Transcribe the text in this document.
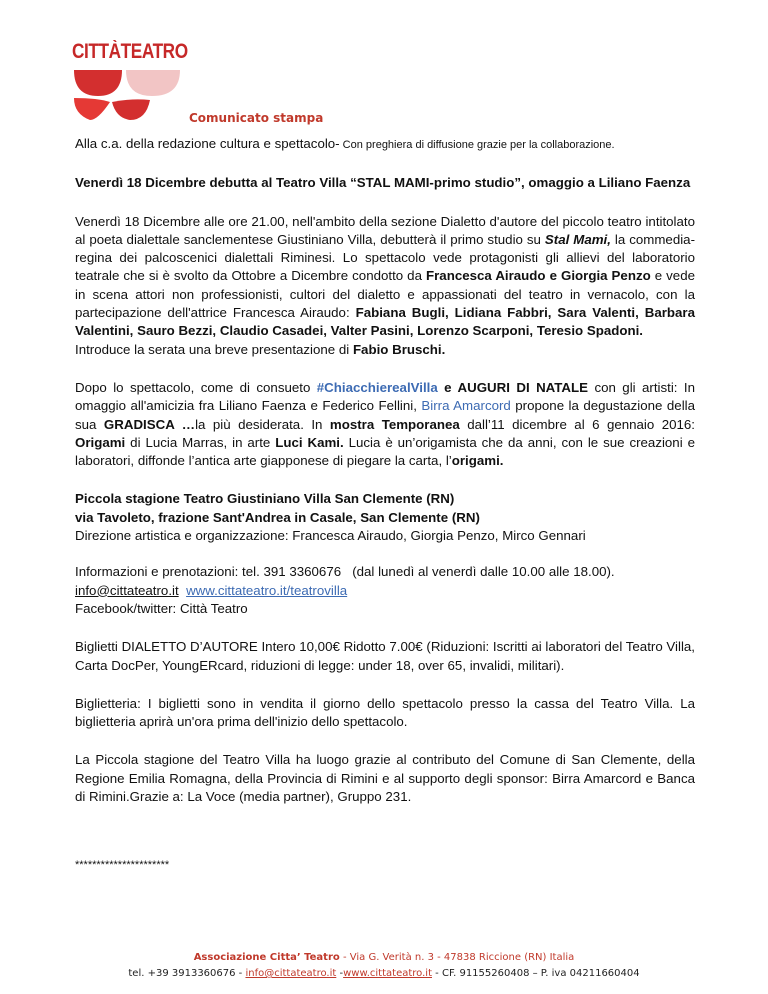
CITTÀTEATRO
Comunicato stampa

Alla c.a. della redazione cultura e spettacolo- Con preghiera di diffusione grazie per la collaborazione.

Venerdì 18 Dicembre debutta al Teatro Villa “STAL MAMI-primo studio”, omaggio a Liliano Faenza

Venerdì 18 Dicembre alle ore 21.00, nell'ambito della sezione Dialetto d'autore del piccolo teatro intitolato al poeta dialettale sanclementese Giustiniano Villa, debutterà il primo studio su Stal Mami, la commedia-regina dei palcoscenici dialettali Riminesi. Lo spettacolo vede protagonisti gli allievi del laboratorio teatrale che si è svolto da Ottobre a Dicembre condotto da Francesca Airaudo e Giorgia Penzo e vede in scena attori non professionisti, cultori del dialetto e appassionati del teatro in vernacolo, con la partecipazione dell'attrice Francesca Airaudo: Fabiana Bugli, Lidiana Fabbri, Sara Valenti, Barbara Valentini, Sauro Bezzi, Claudio Casadei, Valter Pasini, Lorenzo Scarponi, Teresio Spadoni.
Introduce la serata una breve presentazione di Fabio Bruschi.

Dopo lo spettacolo, come di consueto #ChiacchierealVilla e AUGURI DI NATALE con gli artisti: In omaggio all'amicizia fra Liliano Faenza e Federico Fellini, Birra Amarcord propone la degustazione della sua GRADISCA …la più desiderata. In mostra Temporanea dall’11 dicembre al 6 gennaio 2016: Origami di Lucia Marras, in arte Luci Kami. Lucia è un’origamista che da anni, con le sue creazioni e laboratori, diffonde l’antica arte giapponese di piegare la carta, l’origami.

Piccola stagione Teatro Giustiniano Villa San Clemente (RN)
via Tavoleto, frazione Sant'Andrea in Casale, San Clemente (RN)
Direzione artistica e organizzazione: Francesca Airaudo, Giorgia Penzo, Mirco Gennari

Informazioni e prenotazioni: tel. 391 3360676   (dal lunedì al venerdì dalle 10.00 alle 18.00).
info@cittateatro.it www.cittateatro.it/teatrovilla
Facebook/twitter: Città Teatro

Biglietti DIALETTO D’AUTORE Intero 10,00€ Ridotto 7.00€ (Riduzioni: Iscritti ai laboratori del Teatro Villa, Carta DocPer, YoungERcard, riduzioni di legge: under 18, over 65, invalidi, militari).

Biglietteria: I biglietti sono in vendita il giorno dello spettacolo presso la cassa del Teatro Villa. La biglietteria aprirà un'ora prima dell'inizio dello spettacolo.

La Piccola stagione del Teatro Villa ha luogo grazie al contributo del Comune di San Clemente, della Regione Emilia Romagna, della Provincia di Rimini e al supporto degli sponsor: Birra Amarcord e Banca di Rimini.Grazie a: La Voce (media partner), Gruppo 231.

**********************

Associazione Citta’ Teatro - Via G. Verità n. 3 - 47838 Riccione (RN) Italia
tel. +39 3913360676 - info@cittateatro.it -www.cittateatro.it - CF. 91155260408 – P. iva 04211660404
